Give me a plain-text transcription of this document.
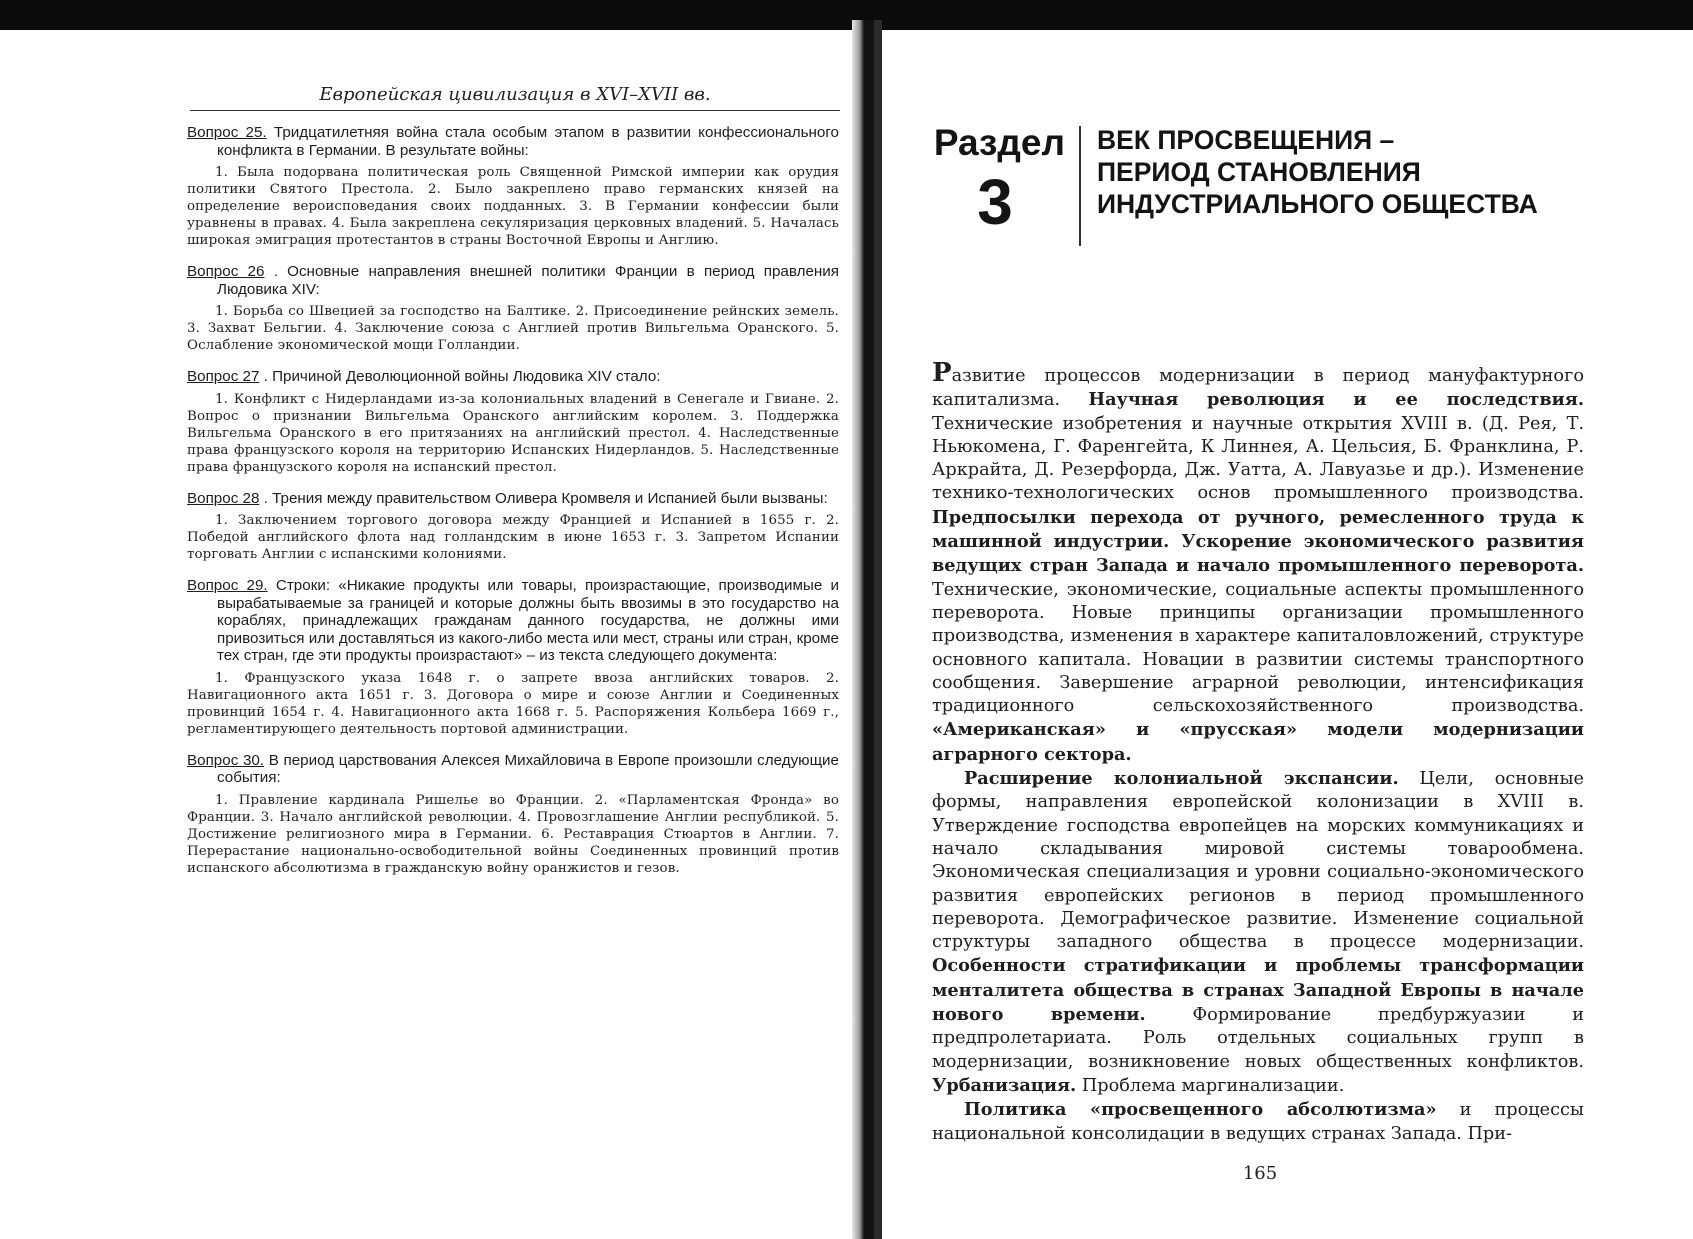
Европейская цивилизация в XVI–XVII вв.
Вопрос 25. Тридцатилетняя война стала особым этапом в развитии конфессионального конфликта в Германии. В результате войны:
1. Была подорвана политическая роль Священной Римской империи как орудия политики Святого Престола. 2. Было закреплено право германских князей на определение вероисповедания своих подданных. 3. В Германии конфессии были уравнены в правах. 4. Была закреплена секуляризация церковных владений. 5. Началась широкая эмиграция протестантов в страны Восточной Европы и Англию.
Вопрос 26 . Основные направления внешней политики Франции в период правления Людовика XIV:
1. Борьба со Швецией за господство на Балтике. 2. Присоединение рейнских земель. 3. Захват Бельгии. 4. Заключение союза с Англией против Вильгельма Оранского. 5. Ослабление экономической мощи Голландии.
Вопрос 27 . Причиной Деволюционной войны Людовика XIV стало:
1. Конфликт с Нидерландами из-за колониальных владений в Сенегале и Гвиане. 2. Вопрос о признании Вильгельма Оранского английским королем. 3. Поддержка Вильгельма Оранского в его притязаниях на английский престол. 4. Наследственные права французского короля на территорию Испанских Нидерландов. 5. Наследственные права французского короля на испанский престол.
Вопрос 28 . Трения между правительством Оливера Кромвеля и Испанией были вызваны:
1. Заключением торгового договора между Францией и Испанией в 1655 г. 2. Победой английского флота над голландским в июне 1653 г. 3. Запретом Испании торговать Англии с испанскими колониями.
Вопрос 29. Строки: «Никакие продукты или товары, произрастающие, производимые и вырабатываемые за границей и которые должны быть ввозимы в это государство на кораблях, принадлежащих гражданам данного государства, не должны ими привозиться или доставляться из какого-либо места или мест, страны или стран, кроме тех стран, где эти продукты произрастают» – из текста следующего документа:
1. Французского указа 1648 г. о запрете ввоза английских товаров. 2. Навигационного акта 1651 г. 3. Договора о мире и союзе Англии и Соединенных провинций 1654 г. 4. Навигационного акта 1668 г. 5. Распоряжения Кольбера 1669 г., регламентирующего деятельность портовой администрации.
Вопрос 30. В период царствования Алексея Михайловича в Европе произошли следующие события:
1. Правление кардинала Ришелье во Франции. 2. «Парламентская Фронда» во Франции. 3. Начало английской революции. 4. Провозглашение Англии республикой. 5. Достижение религиозного мира в Германии. 6. Реставрация Стюартов в Англии. 7. Перерастание национально-освободительной войны Соединенных провинций против испанского абсолютизма в гражданскую войну оранжистов и гезов.
Раздел
3
ВЕК ПРОСВЕЩЕНИЯ –
ПЕРИОД СТАНОВЛЕНИЯ
ИНДУСТРИАЛЬНОГО ОБЩЕСТВА

Развитие процессов модернизации в период мануфактурного капитализма. Научная революция и ее последствия. Технические изобретения и научные открытия XVIII в. (Д. Рея, Т. Ньюкомена, Г. Фаренгейта, К Линнея, А. Цельсия, Б. Франклина, Р. Аркрайта, Д. Резерфорда, Дж. Уатта, А. Лавуазье и др.). Изменение технико-технологических основ промышленного производства. Предпосылки перехода от ручного, ремесленного труда к машинной индустрии. Ускорение экономического развития ведущих стран Запада и начало промышленного переворота. Технические, экономические, социальные аспекты промышленного переворота. Новые принципы организации промышленного производства, изменения в характере капиталовложений, структуре основного капитала. Новации в развитии системы транспортного сообщения. Завершение аграрной революции, интенсификация традиционного сельскохозяйственного производства. «Американская» и «прусская» модели модернизации аграрного сектора.

Расширение колониальной экспансии. Цели, основные формы, направления европейской колонизации в XVIII в. Утверждение господства европейцев на морских коммуникациях и начало складывания мировой системы товарообмена. Экономическая специализация и уровни социально-экономического развития европейских регионов в период промышленного переворота. Демографическое развитие. Изменение социальной структуры западного общества в процессе модернизации. Особенности стратификации и проблемы трансформации менталитета общества в странах Западной Европы в начале нового времени. Формирование предбуржуазии и предпролетариата. Роль отдельных социальных групп в модернизации, возникновение новых общественных конфликтов. Урбанизация. Проблема маргинализации.

Политика «просвещенного абсолютизма» и процессы национальной консолидации в ведущих странах Запада. При-

165
